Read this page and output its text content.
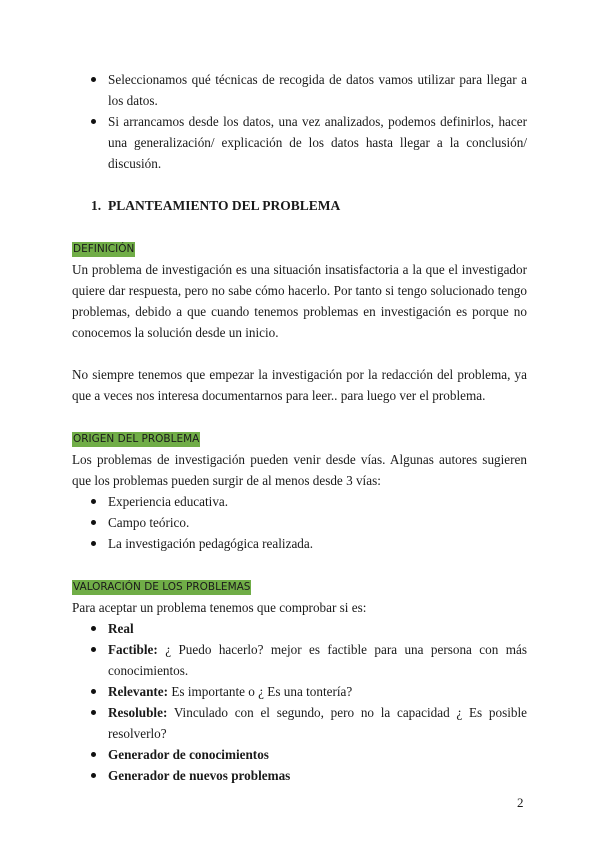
Seleccionamos qué técnicas de recogida de datos vamos utilizar para llegar a los datos.
Si arrancamos desde los datos, una vez analizados, podemos definirlos, hacer una generalización/ explicación de los datos hasta llegar a la conclusión/ discusión.
1. PLANTEAMIENTO DEL PROBLEMA
DEFINICIÓN

Un problema de investigación es una situación insatisfactoria a la que el investigador quiere dar respuesta, pero no sabe cómo hacerlo. Por tanto si tengo solucionado tengo problemas, debido a que cuando tenemos problemas en investigación es porque no conocemos la solución desde un inicio.

No siempre tenemos que empezar la investigación por la redacción del problema, ya que a veces nos interesa documentarnos para leer.. para luego ver el problema.

ORIGEN DEL PROBLEMA

Los problemas de investigación pueden venir desde vías. Algunas autores sugieren que los problemas pueden surgir de al menos desde 3 vías:

Experiencia educativa.
Campo teórico.
La investigación pedagógica realizada.
VALORACIÓN DE LOS PROBLEMAS

Para aceptar un problema tenemos que comprobar si es:

Real
Factible: ¿ Puedo hacerlo? mejor es factible para una persona con más conocimientos.
Relevante: Es importante o ¿ Es una tontería?
Resoluble: Vinculado con el segundo, pero no la capacidad ¿ Es posible resolverlo?
Generador de conocimientos
Generador de nuevos problemas
2
